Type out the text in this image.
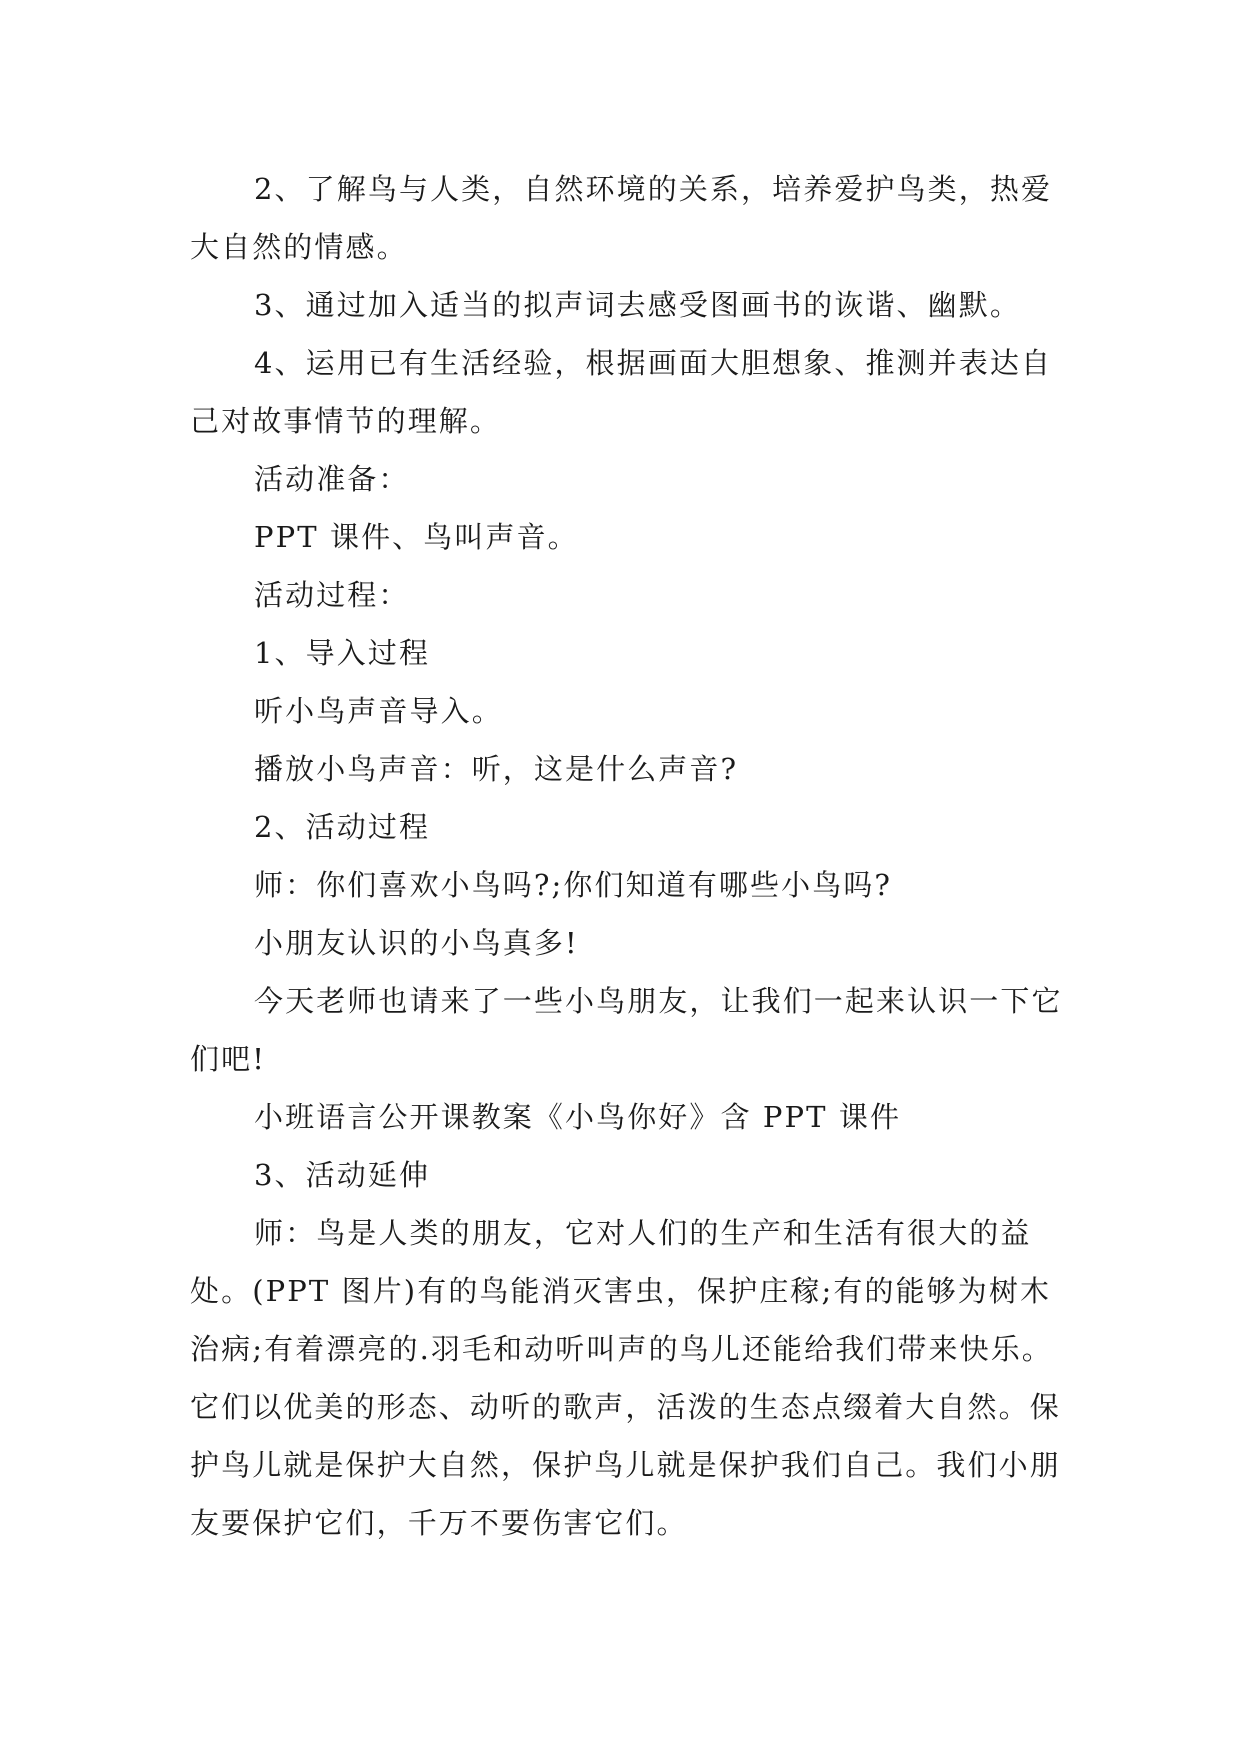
2、了解鸟与人类，自然环境的关系，培养爱护鸟类，热爱大自然的情感。

3、通过加入适当的拟声词去感受图画书的诙谐、幽默。

4、运用已有生活经验，根据画面大胆想象、推测并表达自己对故事情节的理解。

活动准备：

PPT 课件、鸟叫声音。

活动过程：

1、导入过程

听小鸟声音导入。

播放小鸟声音：听，这是什么声音?

2、活动过程

师：你们喜欢小鸟吗?;你们知道有哪些小鸟吗?

小朋友认识的小鸟真多!

今天老师也请来了一些小鸟朋友，让我们一起来认识一下它们吧!

小班语言公开课教案《小鸟你好》含 PPT 课件

3、活动延伸

师：鸟是人类的朋友，它对人们的生产和生活有很大的益处。(PPT 图片)有的鸟能消灭害虫，保护庄稼;有的能够为树木治病;有着漂亮的.羽毛和动听叫声的鸟儿还能给我们带来快乐。它们以优美的形态、动听的歌声，活泼的生态点缀着大自然。保护鸟儿就是保护大自然，保护鸟儿就是保护我们自己。我们小朋友要保护它们，千万不要伤害它们。
